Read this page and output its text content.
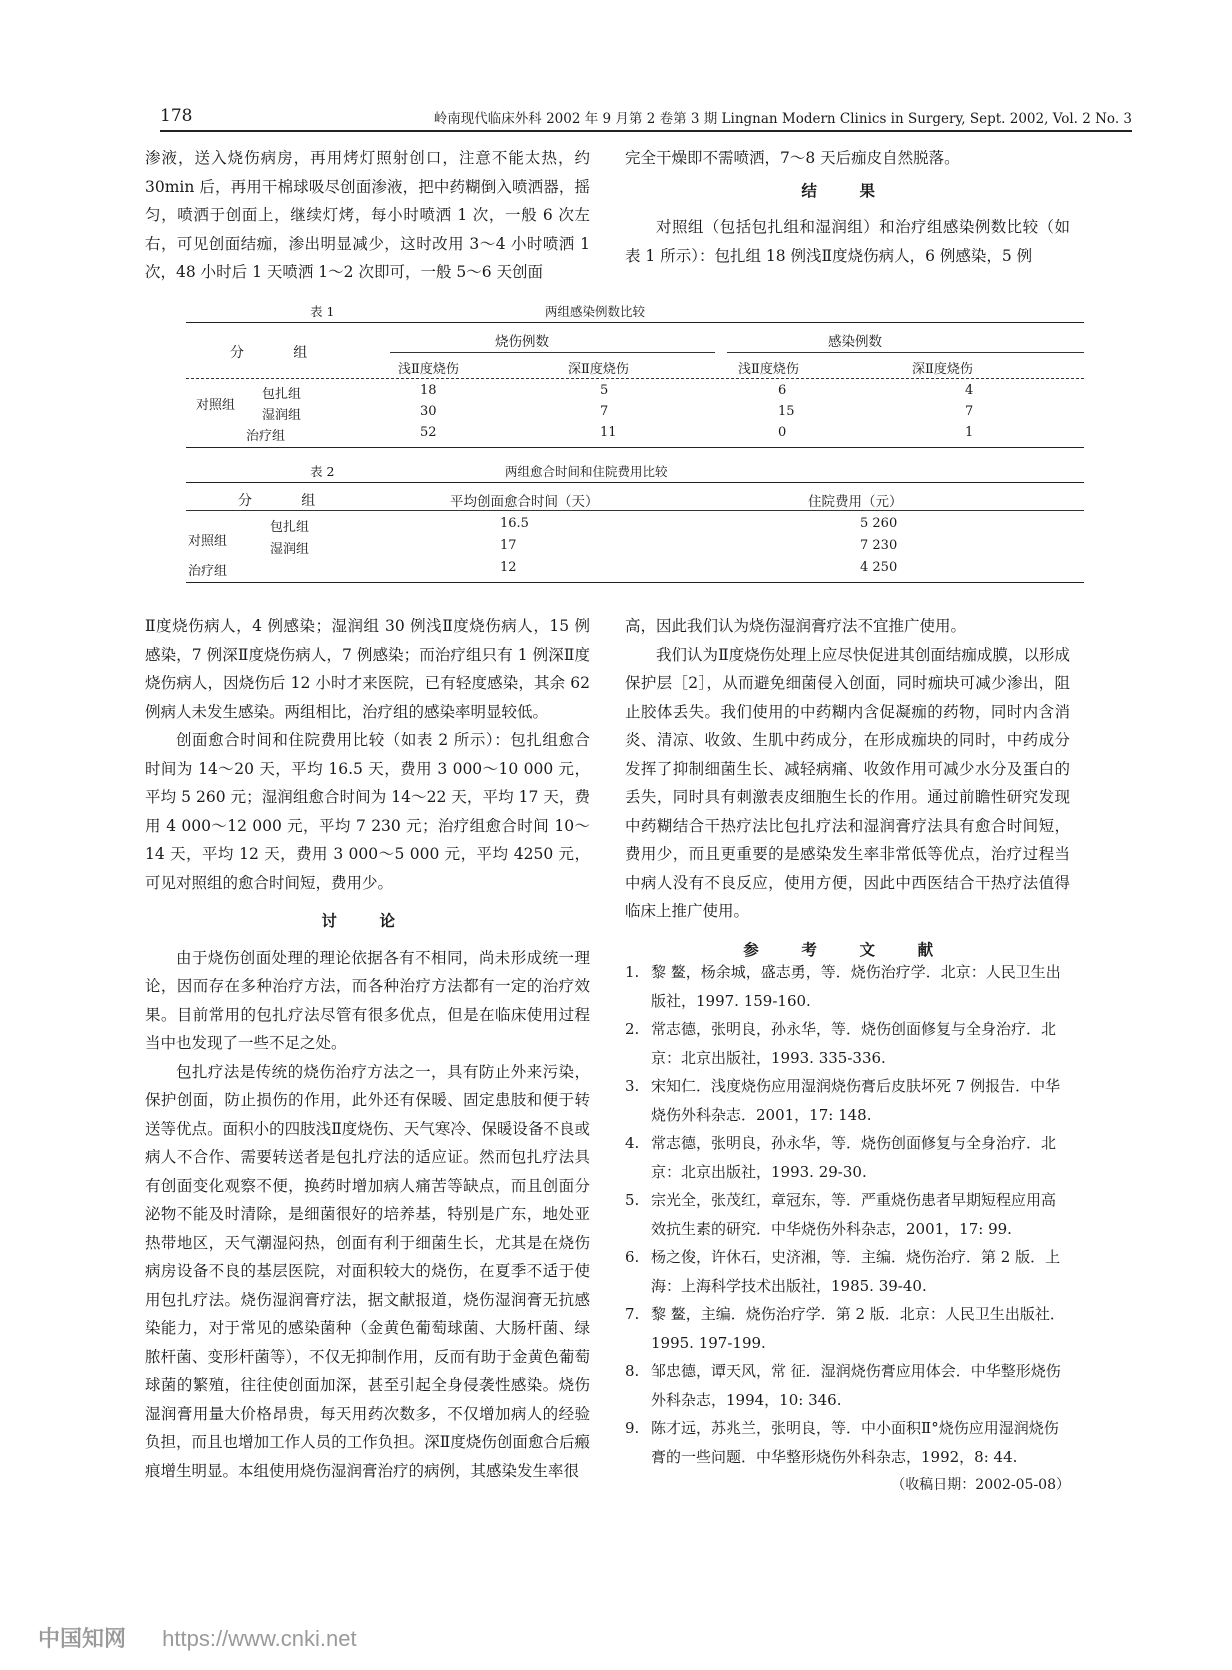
178	岭南现代临床外科 2002 年 9 月第 2 卷第 3 期 Lingnan Modern Clinics in Surgery, Sept. 2002, Vol. 2 No. 3

渗液，送入烧伤病房，再用烤灯照射创口，注意不能太热，约 30min 后，再用干棉球吸尽创面渗液，把中药糊倒入喷洒器，摇匀，喷洒于创面上，继续灯烤，每小时喷洒 1 次，一般 6 次左右，可见创面结痂，渗出明显减少，这时改用 3～4 小时喷洒 1 次，48 小时后 1 天喷洒 1～2 次即可，一般 5～6 天创面

完全干燥即不需喷洒，7～8 天后痂皮自然脱落。

结 果

对照组（包括包扎组和湿润组）和治疗组感染例数比较（如表 1 所示）：包扎组 18 例浅Ⅱ度烧伤病人，6 例感染，5 例

表 1	两组感染例数比较
分 组
烧伤例数	感染例数
浅Ⅱ度烧伤	深Ⅱ度烧伤	浅Ⅱ度烧伤	深Ⅱ度烧伤
对照组
包扎组	18	5	6	4
湿润组	30	7	15	7
治疗组	52	11	0	1
表 2	两组愈合时间和住院费用比较
分 组	平均创面愈合时间（天）	住院费用（元）
对照组
包扎组	16.5	5 260
湿润组	17	7 230
治疗组	12	4 250

Ⅱ度烧伤病人，4 例感染；湿润组 30 例浅Ⅱ度烧伤病人，15 例感染，7 例深Ⅱ度烧伤病人，7 例感染；而治疗组只有 1 例深Ⅱ度烧伤病人，因烧伤后 12 小时才来医院，已有轻度感染，其余 62 例病人未发生感染。两组相比，治疗组的感染率明显较低。

创面愈合时间和住院费用比较（如表 2 所示）：包扎组愈合时间为 14～20 天，平均 16.5 天，费用 3 000～10 000 元，平均 5 260 元；湿润组愈合时间为 14～22 天，平均 17 天，费用 4 000～12 000 元，平均 7 230 元；治疗组愈合时间 10～14 天，平均 12 天，费用 3 000～5 000 元，平均 4250 元，可见对照组的愈合时间短，费用少。

讨 论

由于烧伤创面处理的理论依据各有不相同，尚未形成统一理论，因而存在多种治疗方法，而各种治疗方法都有一定的治疗效果。目前常用的包扎疗法尽管有很多优点，但是在临床使用过程当中也发现了一些不足之处。

包扎疗法是传统的烧伤治疗方法之一，具有防止外来污染，保护创面，防止损伤的作用，此外还有保暖、固定患肢和便于转送等优点。面积小的四肢浅Ⅱ度烧伤、天气寒冷、保暖设备不良或病人不合作、需要转送者是包扎疗法的适应证。然而包扎疗法具有创面变化观察不便，换药时增加病人痛苦等缺点，而且创面分泌物不能及时清除，是细菌很好的培养基，特别是广东，地处亚热带地区，天气潮湿闷热，创面有利于细菌生长，尤其是在烧伤病房设备不良的基层医院，对面积较大的烧伤，在夏季不适于使用包扎疗法。烧伤湿润膏疗法，据文献报道，烧伤湿润膏无抗感染能力，对于常见的感染菌种（金黄色葡萄球菌、大肠杆菌、绿脓杆菌、变形杆菌等），不仅无抑制作用，反而有助于金黄色葡萄球菌的繁殖，往往使创面加深，甚至引起全身侵袭性感染。烧伤湿润膏用量大价格昂贵，每天用药次数多，不仅增加病人的经验负担，而且也增加工作人员的工作负担。深Ⅱ度烧伤创面愈合后瘢痕增生明显。本组使用烧伤湿润膏治疗的病例，其感染发生率很

高，因此我们认为烧伤湿润膏疗法不宜推广使用。

我们认为Ⅱ度烧伤处理上应尽快促进其创面结痂成膜，以形成保护层［2］，从而避免细菌侵入创面，同时痂块可减少渗出，阻止胶体丢失。我们使用的中药糊内含促凝痂的药物，同时内含消炎、清凉、收敛、生肌中药成分，在形成痂块的同时，中药成分发挥了抑制细菌生长、减轻病痛、收敛作用可减少水分及蛋白的丢失，同时具有刺激表皮细胞生长的作用。通过前瞻性研究发现中药糊结合干热疗法比包扎疗法和湿润膏疗法具有愈合时间短，费用少，而且更重要的是感染发生率非常低等优点，治疗过程当中病人没有不良反应，使用方便，因此中西医结合干热疗法值得临床上推广使用。

参 考 文 献

1. 黎 鳌，杨余城，盛志勇，等．烧伤治疗学．北京：人民卫生出版社，1997. 159-160.
2. 常志德，张明良，孙永华，等．烧伤创面修复与全身治疗．北京：北京出版社，1993. 335-336.
3. 宋知仁．浅度烧伤应用湿润烧伤膏后皮肤坏死 7 例报告．中华烧伤外科杂志．2001，17: 148.
4. 常志德，张明良，孙永华，等．烧伤创面修复与全身治疗．北京：北京出版社，1993. 29-30.
5. 宗光全，张茂红，章冠东，等．严重烧伤患者早期短程应用高效抗生素的研究．中华烧伤外科杂志，2001，17: 99.
6. 杨之俊，许休石，史济湘，等．主编．烧伤治疗．第 2 版．上海：上海科学技术出版社，1985. 39-40.
7. 黎 鳌，主编．烧伤治疗学．第 2 版．北京：人民卫生出版社．1995. 197-199.
8. 邹忠德，谭天风，常 征．湿润烧伤膏应用体会．中华整形烧伤外科杂志，1994，10: 346.
9. 陈才远，苏兆兰，张明良，等．中小面积Ⅱ°烧伤应用湿润烧伤膏的一些问题．中华整形烧伤外科杂志，1992，8: 44.
（收稿日期：2002-05-08）
中国知网 https://www.cnki.net
